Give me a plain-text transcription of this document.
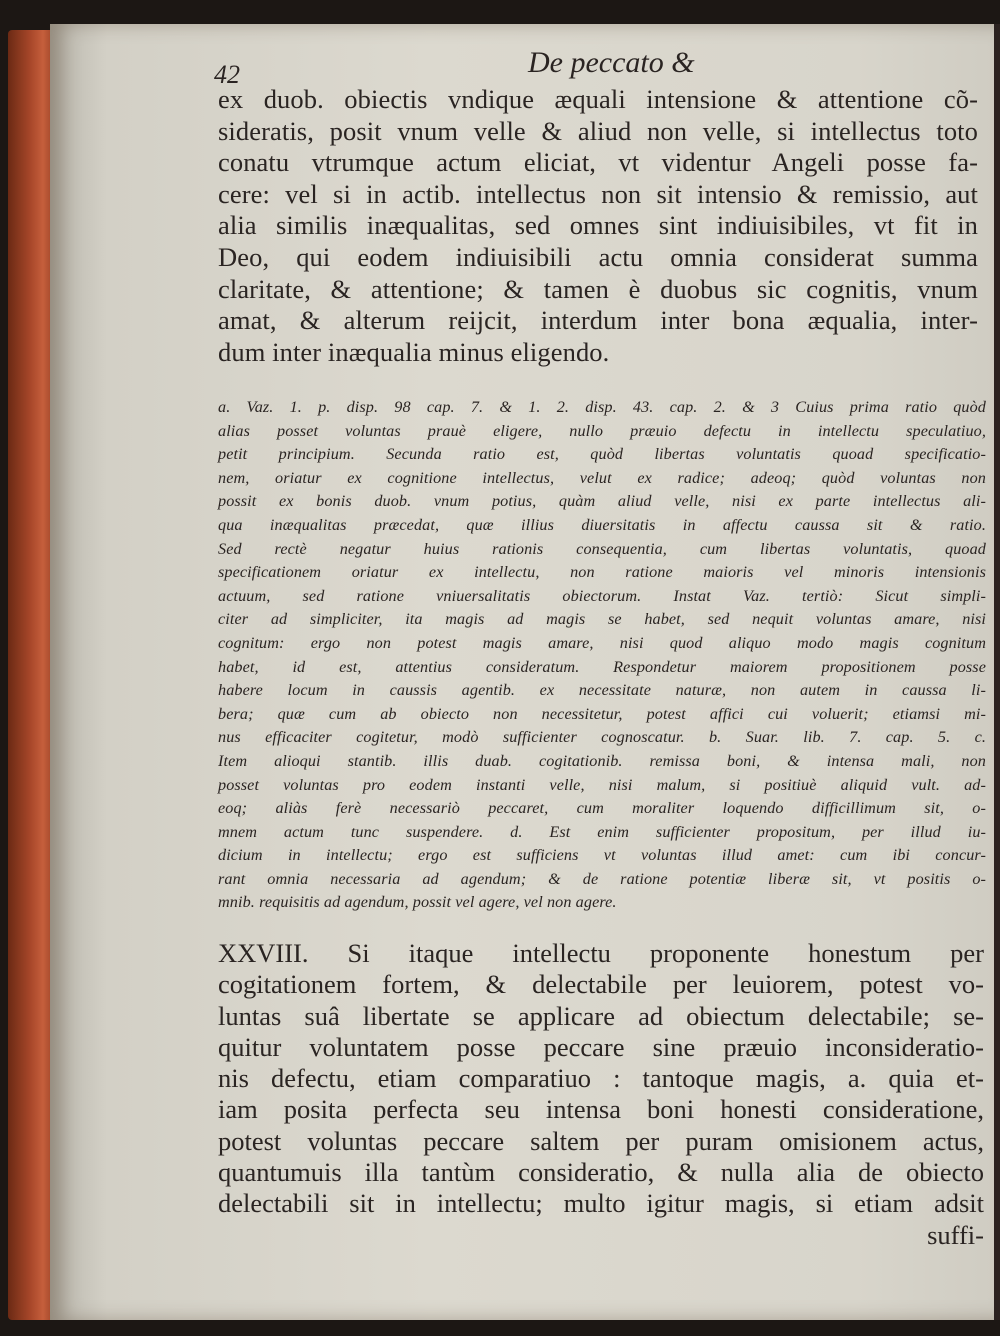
42	De peccato &
ex duob. obiectis vndique æquali intensione & attentione cõ-
sideratis, posit vnum velle & aliud non velle, si intellectus toto
conatu vtrumque actum eliciat, vt videntur Angeli posse fa-
cere: vel si in actib. intellectus non sit intensio & remissio, aut
alia similis inæqualitas, sed omnes sint indiuisibiles, vt fit in
Deo, qui eodem indiuisibili actu omnia considerat summa
claritate, & attentione; & tamen è duobus sic cognitis, vnum
amat, & alterum reijcit, interdum inter bona æqualia, inter-
dum inter inæqualia minus eligendo.
a. Vaz. 1. p. disp. 98 cap. 7. & 1. 2. disp. 43. cap. 2. & 3 Cuius prima ratio quòd
alias posset voluntas prauè eligere, nullo præuio defectu in intellectu speculatiuo,
petit principium. Secunda ratio est, quòd libertas voluntatis quoad specificatio-
nem, oriatur ex cognitione intellectus, velut ex radice; adeoq; quòd voluntas non
possit ex bonis duob. vnum potius, quàm aliud velle, nisi ex parte intellectus ali-
qua inæqualitas præcedat, quæ illius diuersitatis in affectu caussa sit & ratio.
Sed rectè negatur huius rationis consequentia, cum libertas voluntatis, quoad
specificationem oriatur ex intellectu, non ratione maioris vel minoris intensionis
actuum, sed ratione vniuersalitatis obiectorum. Instat Vaz. tertiò: Sicut simpli-
citer ad simpliciter, ita magis ad magis se habet, sed nequit voluntas amare, nisi
cognitum: ergo non potest magis amare, nisi quod aliquo modo magis cognitum
habet, id est, attentius consideratum. Respondetur maiorem propositionem posse
habere locum in caussis agentib. ex necessitate naturæ, non autem in caussa li-
bera; quæ cum ab obiecto non necessitetur, potest affici cui voluerit; etiamsi mi-
nus efficaciter cogitetur, modò sufficienter cognoscatur. b. Suar. lib. 7. cap. 5. c.
Item alioqui stantib. illis duab. cogitationib. remissa boni, & intensa mali, non
posset voluntas pro eodem instanti velle, nisi malum, si positiuè aliquid vult. ad-
eoq; aliàs ferè necessariò peccaret, cum moraliter loquendo difficillimum sit, o-
mnem actum tunc suspendere. d. Est enim sufficienter propositum, per illud iu-
dicium in intellectu; ergo est sufficiens vt voluntas illud amet: cum ibi concur-
rant omnia necessaria ad agendum; & de ratione potentiæ liberæ sit, vt positis o-
mnib. requisitis ad agendum, possit vel agere, vel non agere.
XXVIII. Si itaque intellectu proponente honestum per
cogitationem fortem, & delectabile per leuiorem, potest vo-
luntas suâ libertate se applicare ad obiectum delectabile; se-
quitur voluntatem posse peccare sine præuio inconsideratio-
nis defectu, etiam comparatiuo : tantoque magis, a. quia et-
iam posita perfecta seu intensa boni honesti consideratione,
potest voluntas peccare saltem per puram omisionem actus,
quantumuis illa tantùm consideratio, & nulla alia de obiecto
delectabili sit in intellectu; multo igitur magis, si etiam adsit
suffi-
